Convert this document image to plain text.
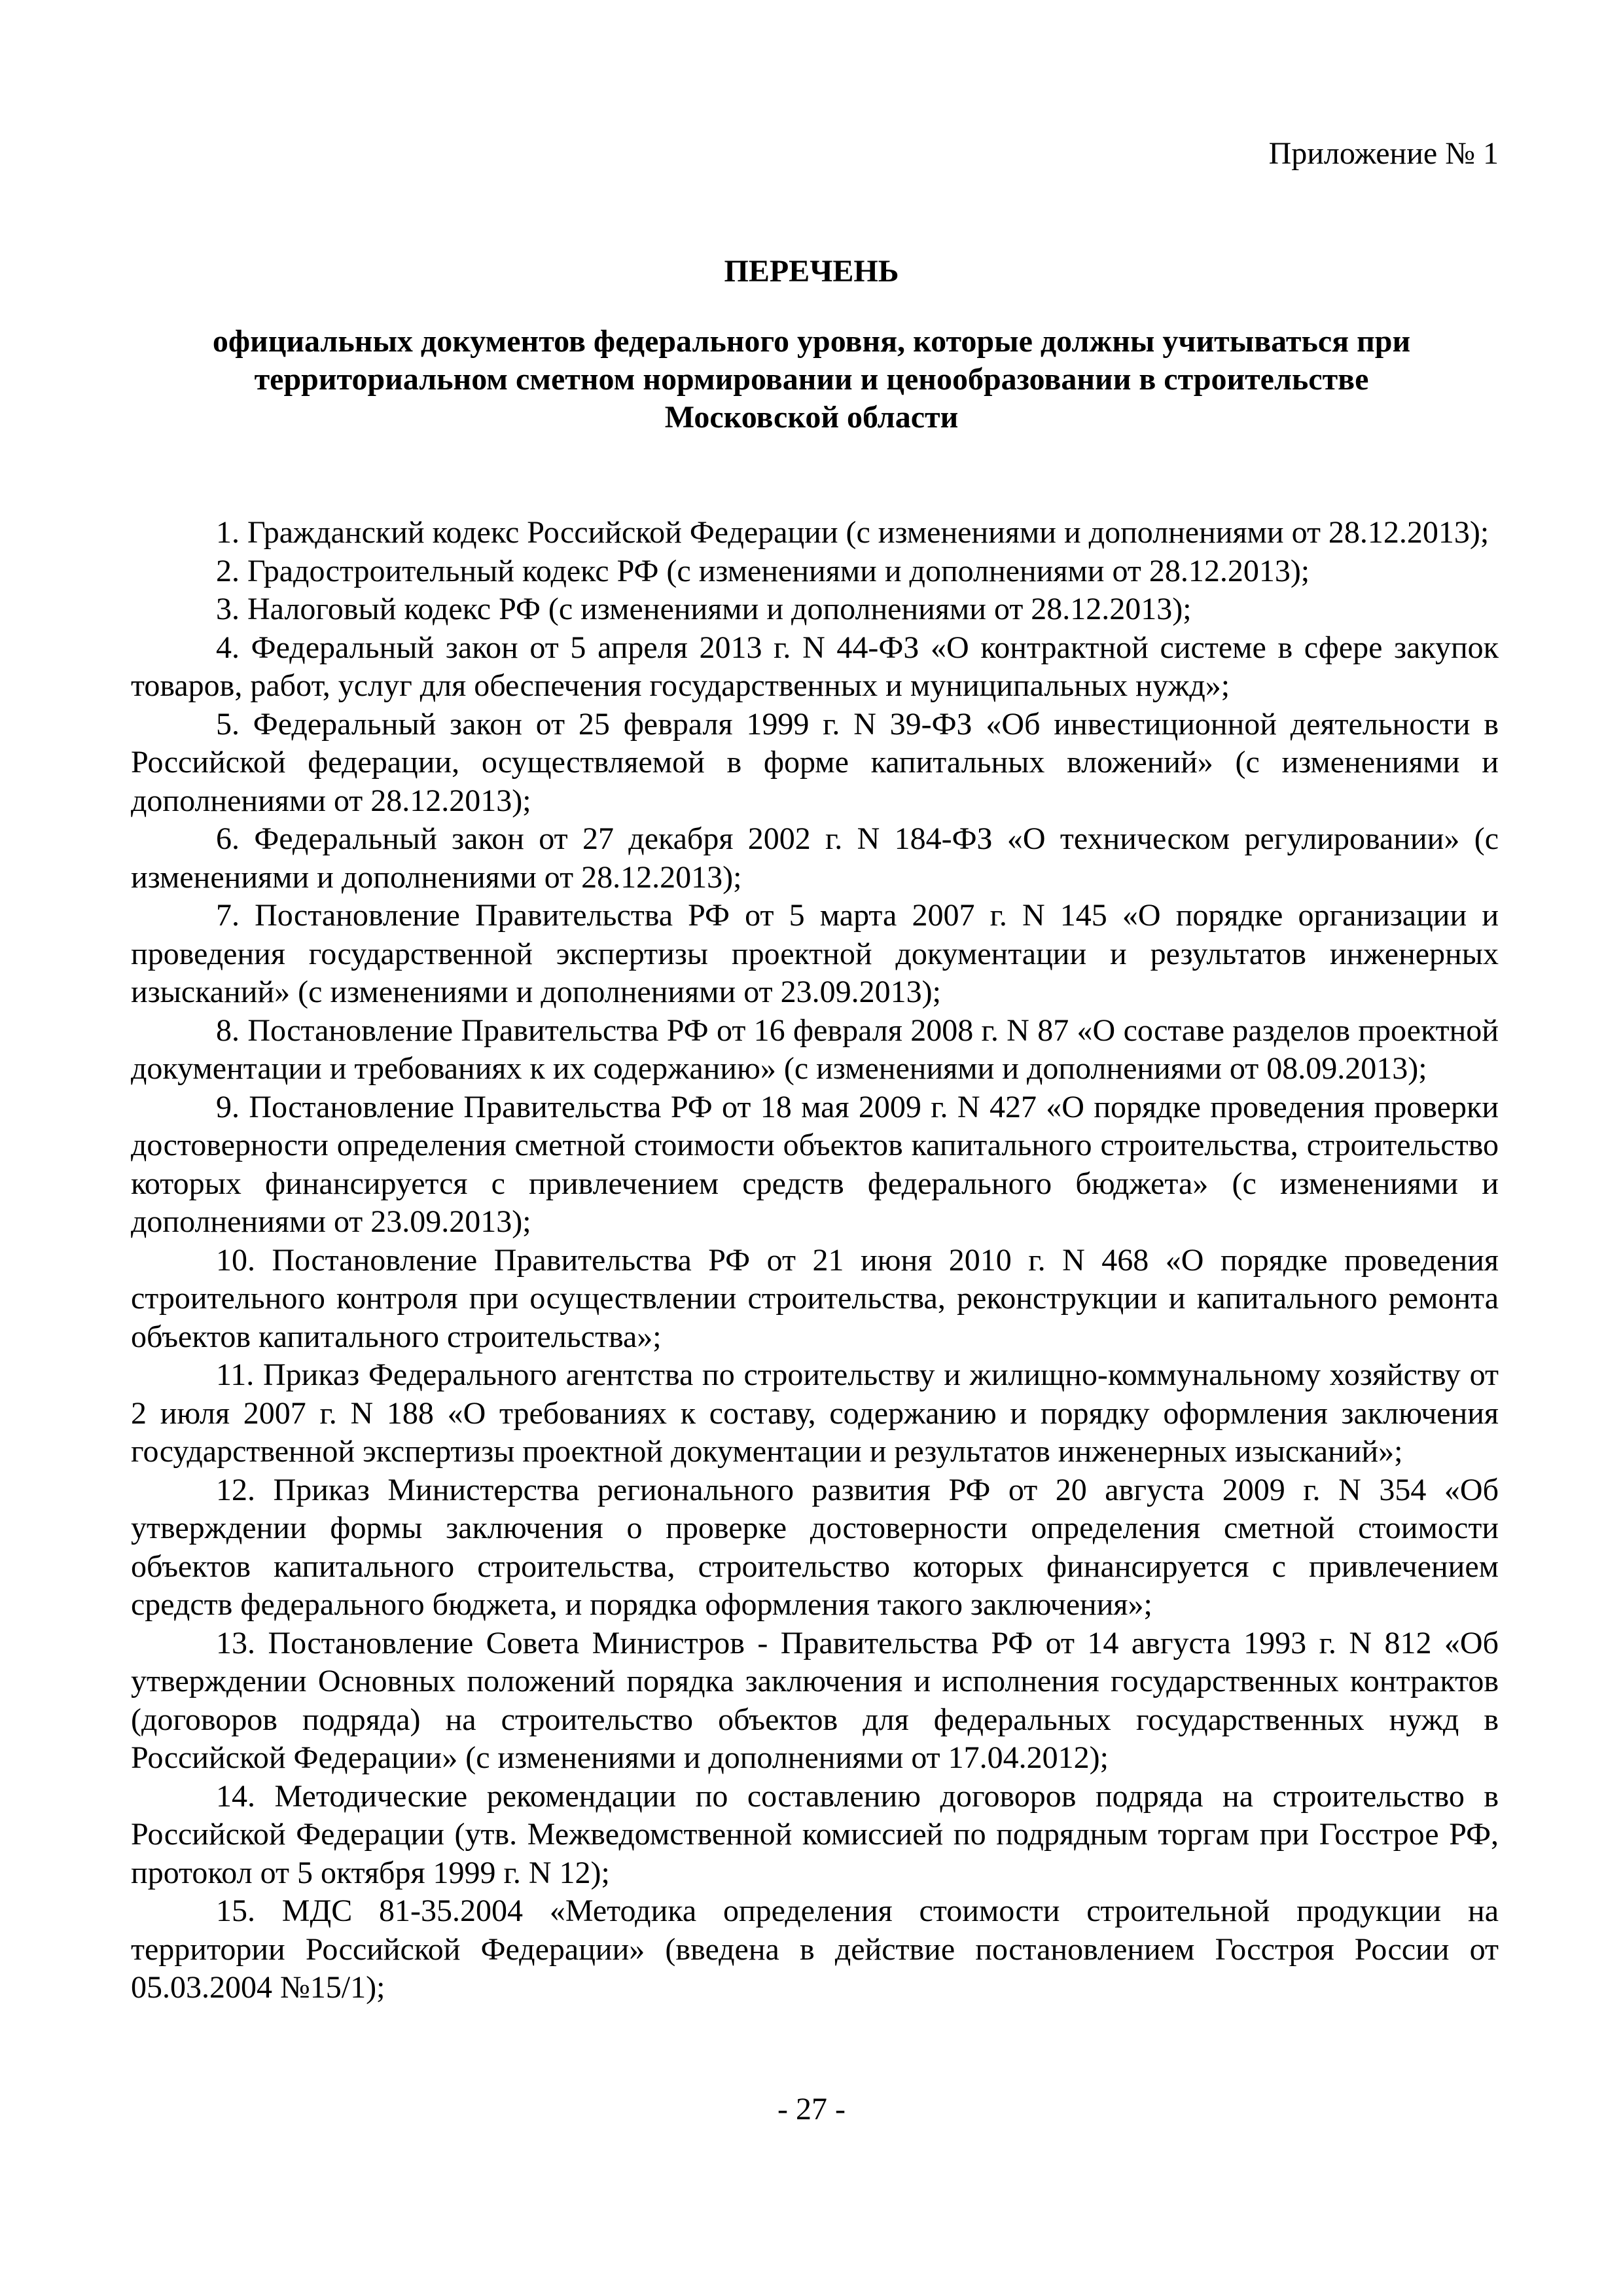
Приложение № 1
ПЕРЕЧЕНЬ
официальных документов федерального уровня, которые должны учитываться при
территориальном сметном нормировании и ценообразовании в строительстве
Московской области
1. Гражданский кодекс Российской Федерации (с изменениями и дополнениями от 28.12.2013);
2. Градостроительный кодекс РФ (с изменениями и дополнениями от 28.12.2013);
3. Налоговый кодекс РФ (с изменениями и дополнениями от 28.12.2013);
4. Федеральный закон от 5 апреля 2013 г. N 44-ФЗ «О контрактной системе в сфере закупок товаров, работ, услуг для обеспечения государственных и муниципальных нужд»;
5. Федеральный закон от 25 февраля 1999 г. N 39-ФЗ «Об инвестиционной деятельности в Российской федерации, осуществляемой в форме капитальных вложений» (с изменениями и дополнениями от 28.12.2013);
6. Федеральный закон от 27 декабря 2002 г. N 184-ФЗ «О техническом регулировании» (с изменениями и дополнениями от 28.12.2013);
7. Постановление Правительства РФ от 5 марта 2007 г. N 145 «О порядке организации и проведения государственной экспертизы проектной документации и результатов инженерных изысканий» (с изменениями и дополнениями от 23.09.2013);
8. Постановление Правительства РФ от 16 февраля 2008 г. N 87 «О составе разделов проектной документации и требованиях к их содержанию» (с изменениями и дополнениями от 08.09.2013);
9. Постановление Правительства РФ от 18 мая 2009 г. N 427 «О порядке проведения проверки достоверности определения сметной стоимости объектов капитального строительства, строительство которых финансируется с привлечением средств федерального бюджета» (с изменениями и дополнениями от 23.09.2013);
10. Постановление Правительства РФ от 21 июня 2010 г. N 468 «О порядке проведения строительного контроля при осуществлении строительства, реконструкции и капитального ремонта объектов капитального строительства»;
11. Приказ Федерального агентства по строительству и жилищно-коммунальному хозяйству от 2 июля 2007 г. N 188 «О требованиях к составу, содержанию и порядку оформления заключения государственной экспертизы проектной документации и результатов инженерных изысканий»;
12. Приказ Министерства регионального развития РФ от 20 августа 2009 г. N 354 «Об утверждении формы заключения о проверке достоверности определения сметной стоимости объектов капитального строительства, строительство которых финансируется с привлечением средств федерального бюджета, и порядка оформления такого заключения»;
13. Постановление Совета Министров - Правительства РФ от 14 августа 1993 г. N 812 «Об утверждении Основных положений порядка заключения и исполнения государственных контрактов (договоров подряда) на строительство объектов для федеральных государственных нужд в Российской Федерации» (с изменениями и дополнениями от 17.04.2012);
14. Методические рекомендации по составлению договоров подряда на строительство в Российской Федерации (утв. Межведомственной комиссией по подрядным торгам при Госстрое РФ, протокол от 5 октября 1999 г. N 12);
15. МДС 81-35.2004 «Методика определения стоимости строительной продукции на территории Российской Федерации» (введена в действие постановлением Госстроя России от 05.03.2004 №15/1);
- 27 -
